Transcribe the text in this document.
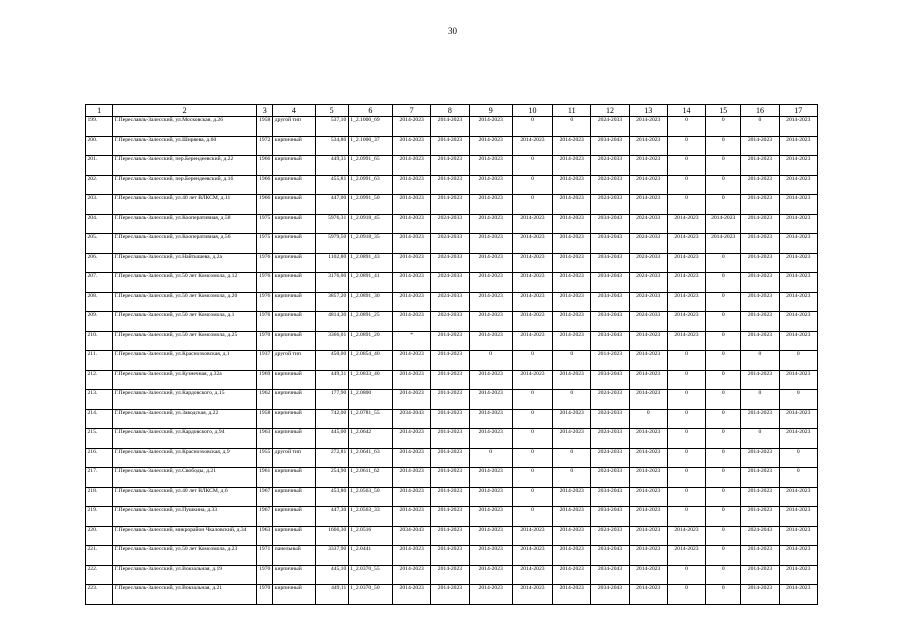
30
1	2	3	4	5	6	7	8	9	10	11	12	13	14	15	16	17
199.	Г.Переславль-Залесский, ул.Московская, д.26	1958	другой тип	537,10	1_2.1000_69	2014-2023	2014-2023	2014-2023	0	0	2024-2033	2014-2023	0	0	0	2014-2023
200.	Г.Переславль-Залесский, ул.Ширяева, д.60	1972	кирпичный	534,80	1_2.1000_37	2014-2023	2014-2023	2014-2023	2014-2023	2014-2023	2034-2043	2014-2023	0	0	2014-2023	2014-2023
201.	Г.Переславль-Залесский, пер.Берендеевский, д.22	1966	кирпичный	449,31	1_2.0991_65	2014-2023	2014-2023	2014-2023	0	2014-2023	2024-2033	2014-2023	0	0	2014-2023	2014-2023
202.	Г.Переславль-Залесский, пер.Берендеевский, д.16	1966	кирпичный	455,81	1_2.0991_63	2014-2023	2014-2023	2014-2023	0	2014-2023	2024-2033	2014-2023	0	0	2014-2023	2014-2023
203.	Г.Переславль-Залесский, ул.40 лет ВЛКСМ, д.11	1966	кирпичный	447,00	1_2.0991_50	2014-2023	2014-2023	2014-2023	0	2014-2023	2024-2033	2014-2023	0	0	2014-2023	2014-2023
204.	Г.Переславль-Залесский, ул.Кооперативная, д.58	1975	кирпичный	5976,31	1_2.0918_45	2014-2023	2024-2033	2014-2023	2014-2023	2014-2023	2034-2043	2024-2033	2014-2023	2014-2023	2014-2023	2014-2023
205.	Г.Переславль-Залесский, ул.Кооперативная, д.56	1975	кирпичный	5979,50	1_2.0918_35	2014-2023	2024-2033	2014-2023	2014-2023	2014-2023	2034-2043	2024-2033	2014-2023	2014-2023	2014-2023	2014-2023
206.	Г.Переславль-Залесский, ул.Найтышева, д.2а	1976	кирпичный	1102,80	1_2.0891_43	2014-2023	2024-2033	2014-2023	2014-2023	2014-2023	2034-2043	2024-2033	2014-2023	0	2014-2023	2014-2023
207.	Г.Переславль-Залесский, ул.50 лет Комсомола, д.12	1976	кирпичный	3176,00	1_2.0891_41	2014-2023	2024-2033	2014-2023	2014-2023	2014-2023	2034-2043	2024-2033	2014-2023	0	2014-2023	2014-2023
208.	Г.Переславль-Залесский, ул.50 лет Комсомола, д.20	1976	кирпичный	3857,20	1_2.0891_30	2014-2023	2024-2033	2014-2023	2014-2023	2014-2023	2034-2043	2024-2033	2014-2023	0	2014-2023	2014-2023
209.	Г.Переславль-Залесский, ул.50 лет Комсомола, д.1	1976	кирпичный	4814,30	1_2.0891_25	2014-2023	2024-2033	2014-2023	2014-2023	2014-2023	2034-2043	2024-2033	2014-2023	0	2014-2023	2014-2023
210.	Г.Переславль-Залесский, ул.50 лет Комсомола, д.25	1970	кирпичный	3366,01	1_2.0891_20	*	2014-2023	2014-2023	2014-2023	2014-2023	2034-2043	2014-2023	2014-2023	0	2014-2023	2014-2023
211.	Г.Переславль-Залесский, ул.Красноэховская, д.1	1937	другой тип	450,00	1_2.0854_40	2014-2023	2014-2023	0	0	0	2014-2023	2014-2023	0	0	0	0
212.	Г.Переславль-Залесский, ул.Кузнечная, д.32а	1969	кирпичный	449,31	1_2.0833_40	2014-2023	2014-2023	2014-2023	2014-2023	2014-2023	2034-2043	2014-2023	0	0	2014-2023	2014-2023
213.	Г.Переславль-Залесский, ул.Кардовского, д.15	1962	кирпичный	177,90	1_2.0800	2014-2023	2014-2023	2014-2023	0	0	2024-2033	2014-2023	0	0	0	0
214.	Г.Переславль-Залесский, ул.Заводская, д.22	1958	кирпичный	742,00	1_2.0781_55	2034-2043	2014-2023	2014-2023	0	2014-2023	2024-2033	0	0	0	2014-2023	2014-2023
215.	Г.Переславль-Залесский, ул.Кардовского, д.94	1963	кирпичный	445,00	1_2.0642	2014-2023	2014-2023	2014-2023	0	2014-2023	2024-2033	2014-2023	0	0	0	2014-2023
216.	Г.Переславль-Залесский, ул.Красноэховская, д.9	1955	другой тип	272,81	1_2.0641_63	2014-2023	2014-2023	0	0	0	2024-2033	2014-2023	0	0	2014-2023	0
217.	Г.Переславль-Залесский, ул.Свободы, д.21	1961	кирпичный	254,90	1_2.0611_62	2014-2023	2014-2023	2014-2023	0	0	2024-2033	2014-2023	0	0	2014-2023	0
218.	Г.Переславль-Залесский, ул.40 лет ВЛКСМ, д.6	1967	кирпичный	453,80	1_2.0563_50	2014-2023	2014-2023	2014-2023	0	2014-2023	2034-2043	2014-2023	0	0	2014-2023	2014-2023
219.	Г.Переславль-Залесский, ул.Пушкина, д.33	1967	кирпичный	447,30	1_2.0563_33	2014-2023	2014-2023	2014-2023	0	2014-2023	2034-2043	2014-2023	0	0	2014-2023	2014-2023
220.	Г.Переславль-Залесский, микрорайон Чкаловский, д.34	1963	кирпичный	1666,30	1_2.0516	2034-2043	2014-2023	2014-2023	2014-2023	2014-2023	2024-2033	2014-2023	2014-2023	0	2024-2043	2014-2023
221.	Г.Переславль-Залесский, ул.50 лет Комсомола, д.23	1971	панельный	3337,90	1_2.0441	2014-2023	2014-2023	2014-2023	2014-2023	2014-2023	2034-2043	2014-2023	2014-2023	0	2014-2023	2014-2023
222.	Г.Переславль-Залесский, ул.Вокзальная, д.19	1970	кирпичный	445,10	1_2.0370_55	2014-2023	2014-2023	2014-2023	2014-2023	2014-2023	2034-2043	2014-2023	0	0	2014-2023	2014-2023
223.	Г.Переславль-Залесский, ул.Вокзальная, д.21	1970	кирпичный	449,11	1_2.0370_50	2014-2023	2014-2023	2014-2023	2014-2023	2014-2023	2034-2043	2014-2023	0	0	2014-2023	2014-2023
